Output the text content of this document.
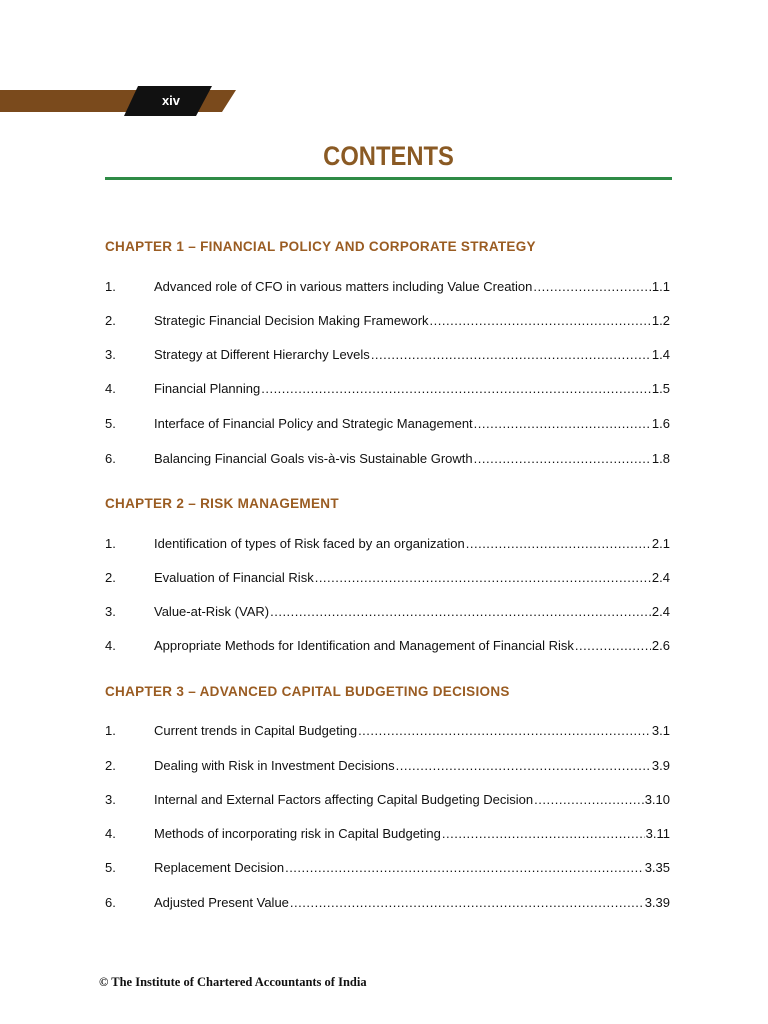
xiv
CONTENTS
CHAPTER 1 – FINANCIAL POLICY AND CORPORATE STRATEGY
1.	Advanced role of CFO in various matters including Value Creation .....	1.1
2.	Strategic Financial Decision Making Framework .....	1.2
3.	Strategy at Different Hierarchy Levels .....	1.4
4.	Financial Planning .....	1.5
5.	Interface of Financial Policy and Strategic Management .....	1.6
6.	Balancing Financial Goals vis-à-vis Sustainable Growth .....	1.8
CHAPTER 2 – RISK MANAGEMENT
1.	Identification of types of Risk faced by an organization .....	2.1
2.	Evaluation of Financial Risk .....	2.4
3.	Value-at-Risk (VAR) .....	2.4
4.	Appropriate Methods for Identification and Management of Financial Risk .....	2.6
CHAPTER 3 – ADVANCED CAPITAL BUDGETING DECISIONS
1.	Current trends in Capital Budgeting .....	3.1
2.	Dealing with Risk in Investment Decisions .....	3.9
3.	Internal and External Factors affecting Capital Budgeting Decision .....	3.10
4.	Methods of incorporating risk in Capital Budgeting .....	3.11
5.	Replacement Decision .....	3.35
6.	Adjusted Present Value .....	3.39
© The Institute of Chartered Accountants of India
